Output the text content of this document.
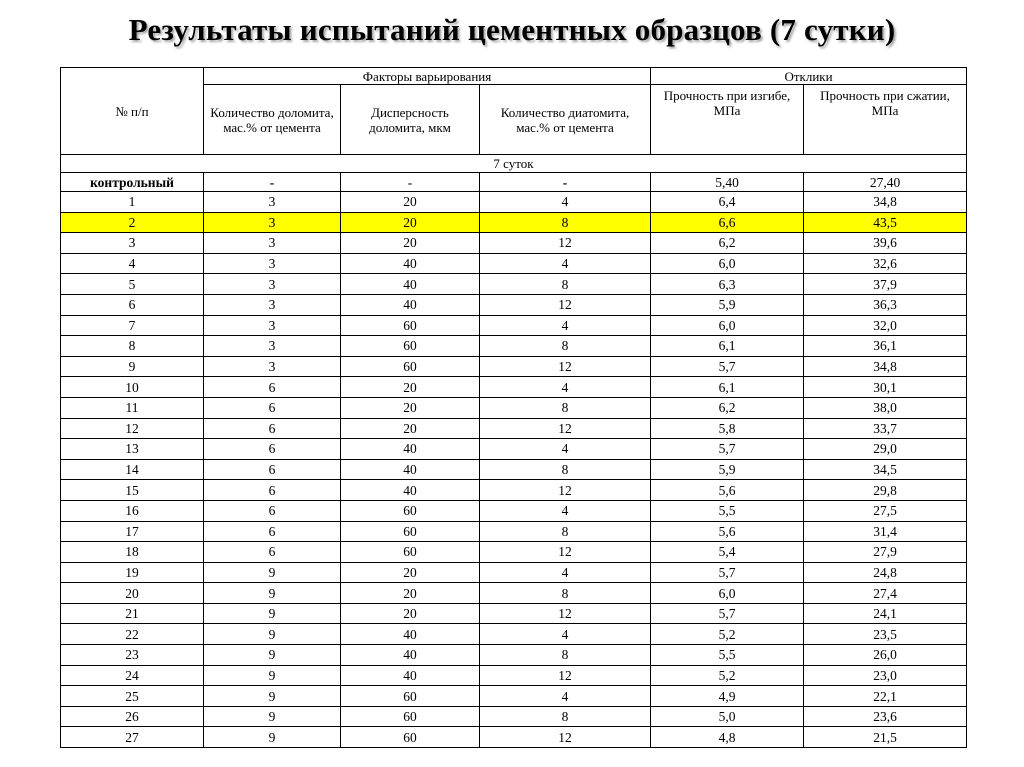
Результаты испытаний цементных образцов (7 сутки)
№ п/п	Факторы варьирования			Отклики	
	Количество доломита, мас.% от цемента	Дисперсность доломита, мкм	Количество диатомита, мас.% от цемента	Прочность при изгибе, МПа	Прочность при сжатии, МПа
7 суток					
контрольный	-	-	-	5,40	27,40
1	3	20	4	6,4	34,8
2	3	20	8	6,6	43,5
3	3	20	12	6,2	39,6
4	3	40	4	6,0	32,6
5	3	40	8	6,3	37,9
6	3	40	12	5,9	36,3
7	3	60	4	6,0	32,0
8	3	60	8	6,1	36,1
9	3	60	12	5,7	34,8
10	6	20	4	6,1	30,1
11	6	20	8	6,2	38,0
12	6	20	12	5,8	33,7
13	6	40	4	5,7	29,0
14	6	40	8	5,9	34,5
15	6	40	12	5,6	29,8
16	6	60	4	5,5	27,5
17	6	60	8	5,6	31,4
18	6	60	12	5,4	27,9
19	9	20	4	5,7	24,8
20	9	20	8	6,0	27,4
21	9	20	12	5,7	24,1
22	9	40	4	5,2	23,5
23	9	40	8	5,5	26,0
24	9	40	12	5,2	23,0
25	9	60	4	4,9	22,1
26	9	60	8	5,0	23,6
27	9	60	12	4,8	21,5
